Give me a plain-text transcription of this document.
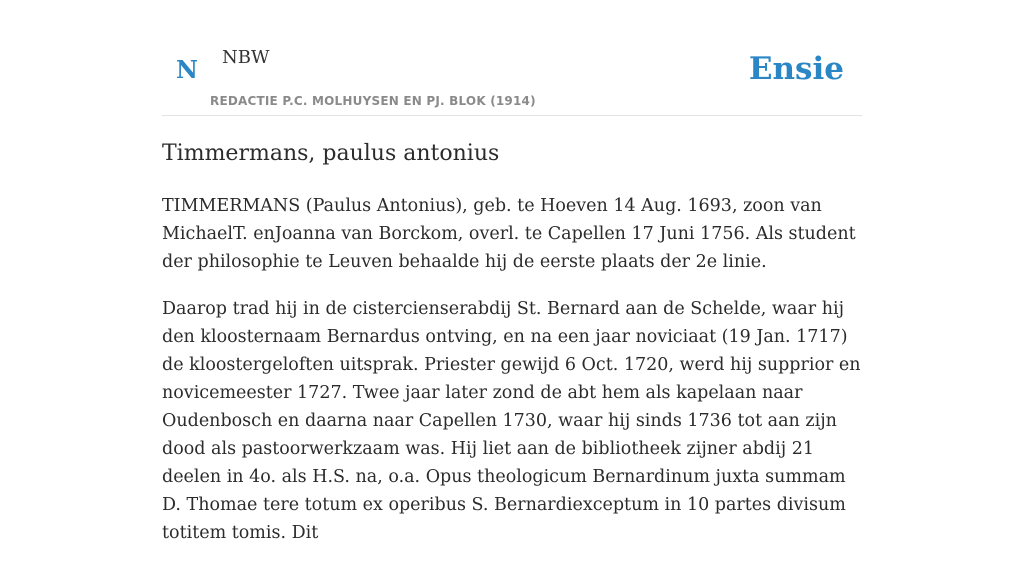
N NBW
REDACTIE P.C. MOLHUYSEN EN PJ. BLOK (1914)
Ensie
Timmermans, paulus antonius

TIMMERMANS (Paulus Antonius), geb. te Hoeven 14 Aug. 1693, zoon van MichaelT. enJoanna van Borckom, overl. te Capellen 17 Juni 1756. Als student der philosophie te Leuven behaalde hij de eerste plaats der 2e linie.

Daarop trad hij in de cistercienserabdij St. Bernard aan de Schelde, waar hij den kloosternaam Bernardus ontving, en na een jaar noviciaat (19 Jan. 1717) de kloostergeloften uitsprak. Priester gewijd 6 Oct. 1720, werd hij supprior en novicemeester 1727. Twee jaar later zond de abt hem als kapelaan naar Oudenbosch en daarna naar Capellen 1730, waar hij sinds 1736 tot aan zijn dood als pastoorwerkzaam was. Hij liet aan de bibliotheek zijner abdij 21 deelen in 4o. als H.S. na, o.a. Opus theologicum Bernardinum juxta summam D. Thomae tere totum ex operibus S. Bernardiexceptum in 10 partes divisum totitem tomis. Dit
